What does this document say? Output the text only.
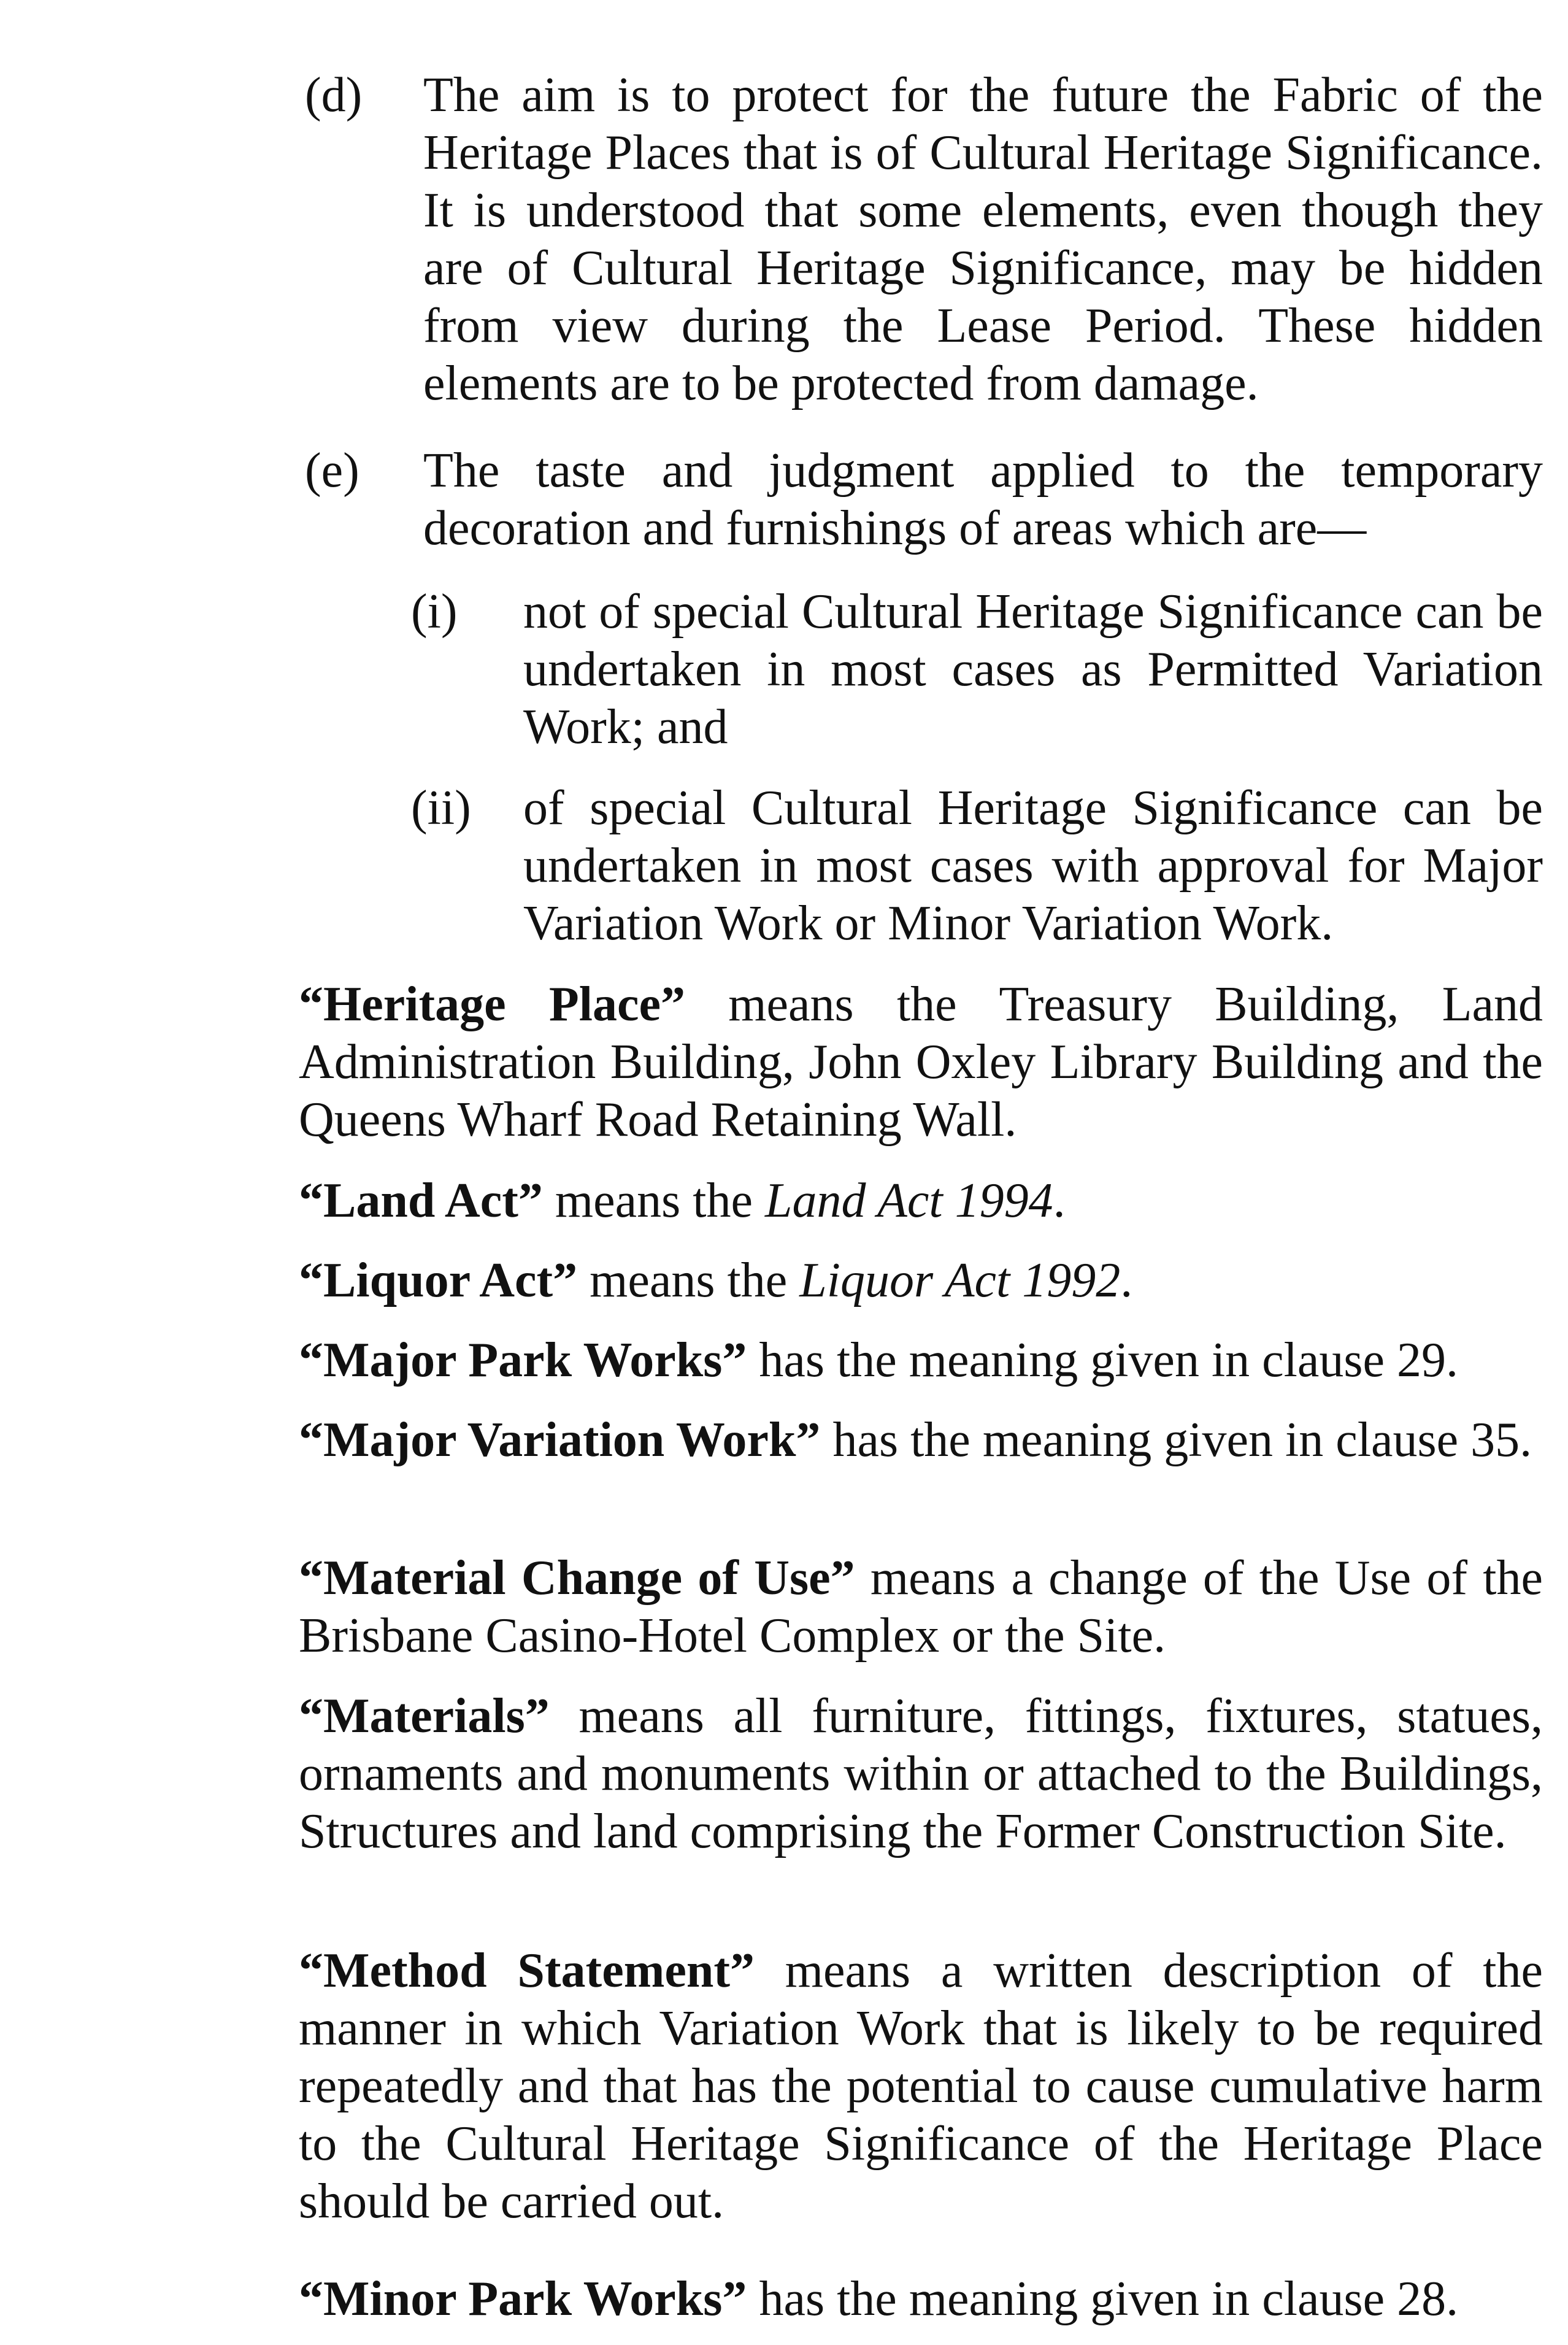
(d) The aim is to protect for the future the Fabric of the Heritage Places that is of Cultural Heritage Significance. It is understood that some elements, even though they are of Cultural Heritage Significance, may be hidden from view during the Lease Period. These hidden elements are to be protected from damage.

(e) The taste and judgment applied to the temporary decoration and furnishings of areas which are—

(i) not of special Cultural Heritage Significance can be undertaken in most cases as Permitted Variation Work; and

(ii) of special Cultural Heritage Significance can be undertaken in most cases with approval for Major Variation Work or Minor Variation Work.

“Heritage Place” means the Treasury Building, Land Administration Building, John Oxley Library Building and the Queens Wharf Road Retaining Wall.

“Land Act” means the Land Act 1994.

“Liquor Act” means the Liquor Act 1992.

“Major Park Works” has the meaning given in clause 29.

“Major Variation Work” has the meaning given in clause 35.

“Material Change of Use” means a change of the Use of the Brisbane Casino-Hotel Complex or the Site.

“Materials” means all furniture, fittings, fixtures, statues, ornaments and monuments within or attached to the Buildings, Structures and land comprising the Former Construction Site.

“Method Statement” means a written description of the manner in which Variation Work that is likely to be required repeatedly and that has the potential to cause cumulative harm to the Cultural Heritage Significance of the Heritage Place should be carried out.

“Minor Park Works” has the meaning given in clause 28.
